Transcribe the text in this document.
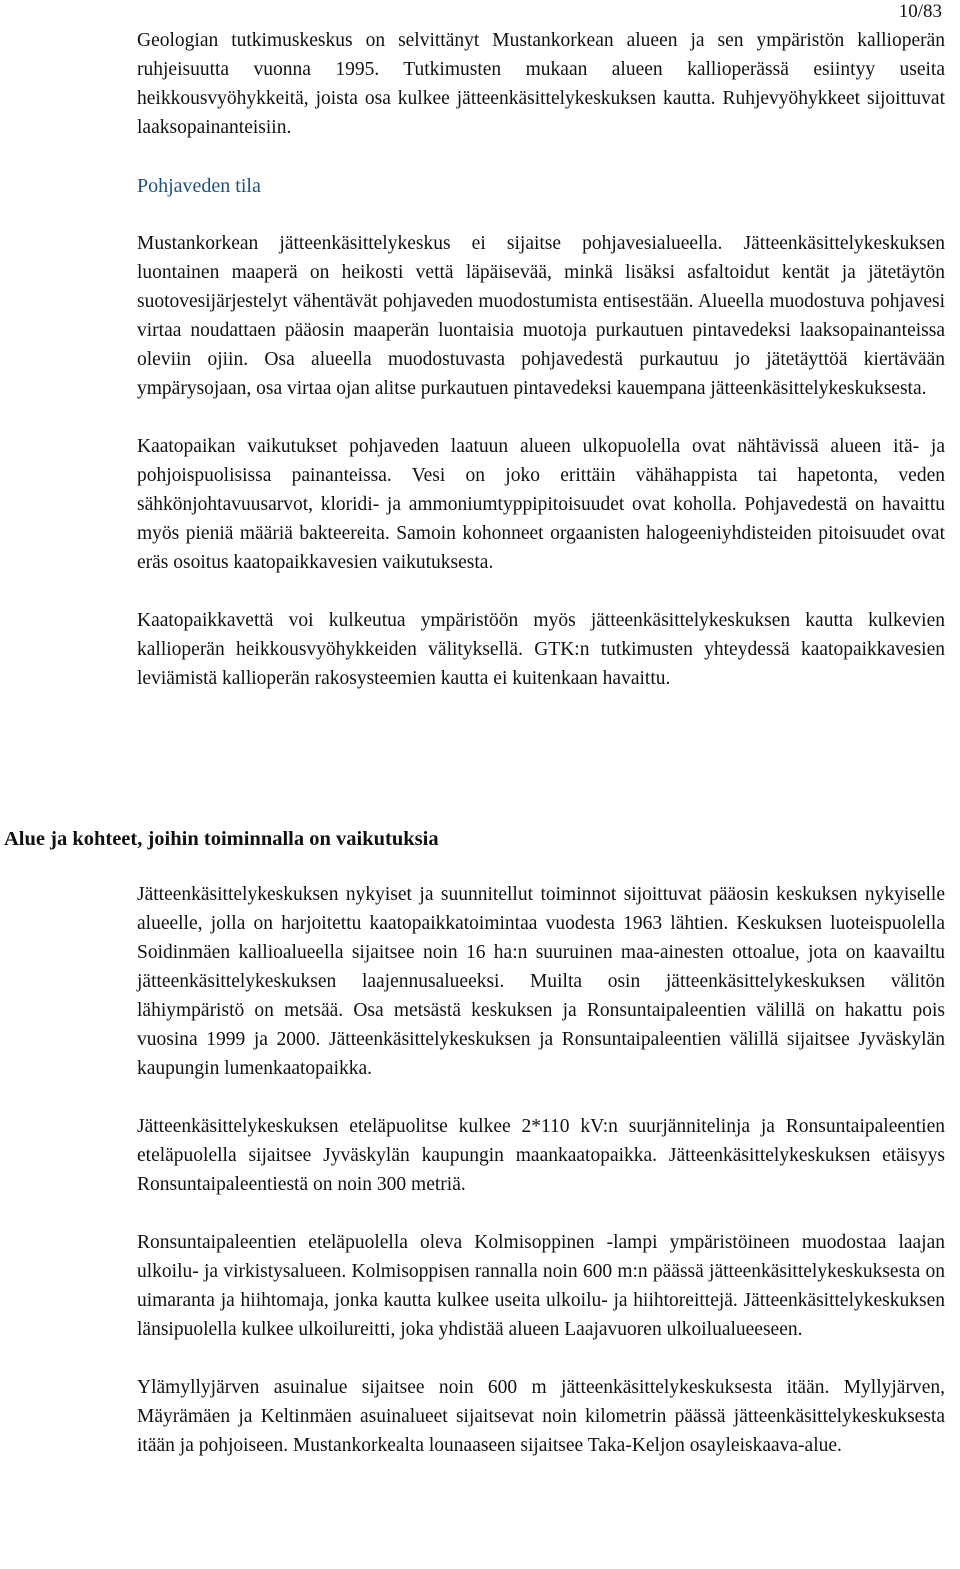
10/83

Geologian tutkimuskeskus on selvittänyt Mustankorkean alueen ja sen ympäristön kallioperän ruhjeisuutta vuonna 1995. Tutkimusten mukaan alueen kallioperässä esiintyy useita heikkousvyöhykkeitä, joista osa kulkee jätteenkäsittelykeskuksen kautta. Ruhjevyöhykkeet sijoittuvat laaksopainanteisiin.

Pohjaveden tila

Mustankorkean jätteenkäsittelykeskus ei sijaitse pohjavesialueella. Jätteenkäsittelykeskuksen luontainen maaperä on heikosti vettä läpäisevää, minkä lisäksi asfaltoidut kentät ja jätetäytön suotovesijärjestelyt vähentävät pohjaveden muodostumista entisestään. Alueella muodostuva pohjavesi virtaa noudattaen pääosin maaperän luontaisia muotoja purkautuen pintavedeksi laaksopainanteissa oleviin ojiin. Osa alueella muodostuvasta pohjavedestä purkautuu jo jätetäyttöä kiertävään ympärysojaan, osa virtaa ojan alitse purkautuen pintavedeksi kauempana jätteenkäsittelykeskuksesta.

Kaatopaikan vaikutukset pohjaveden laatuun alueen ulkopuolella ovat nähtävissä alueen itä- ja pohjoispuolisissa painanteissa. Vesi on joko erittäin vähähappista tai hapetonta, veden sähkönjohtavuusarvot, kloridi- ja ammoniumtyppipitoisuudet ovat koholla. Pohjavedestä on havaittu myös pieniä määriä bakteereita. Samoin kohonneet orgaanisten halogeeniyhdisteiden pitoisuudet ovat eräs osoitus kaatopaikkavesien vaikutuksesta.

Kaatopaikkavettä voi kulkeutua ympäristöön myös jätteenkäsittelykeskuksen kautta kulkevien kallioperän heikkousvyöhykkeiden välityksellä. GTK:n tutkimusten yhteydessä kaatopaikkavesien leviämistä kallioperän rakosysteemien kautta ei kuitenkaan havaittu.

Alue ja kohteet, joihin toiminnalla on vaikutuksia

Jätteenkäsittelykeskuksen nykyiset ja suunnitellut toiminnot sijoittuvat pääosin keskuksen nykyiselle alueelle, jolla on harjoitettu kaatopaikkatoimintaa vuodesta 1963 lähtien. Keskuksen luoteispuolella Soidinmäen kallioalueella sijaitsee noin 16 ha:n suuruinen maa-ainesten ottoalue, jota on kaavailtu jätteenkäsittelykeskuksen laajennusalueeksi. Muilta osin jätteenkäsittelykeskuksen välitön lähiympäristö on metsää. Osa metsästä keskuksen ja Ronsuntaipaleentien välillä on hakattu pois vuosina 1999 ja 2000. Jätteenkäsittelykeskuksen ja Ronsuntaipaleentien välillä sijaitsee Jyväskylän kaupungin lumenkaatopaikka.

Jätteenkäsittelykeskuksen eteläpuolitse kulkee 2*110 kV:n suurjännitelinja ja Ronsuntaipaleentien eteläpuolella sijaitsee Jyväskylän kaupungin maankaatopaikka. Jätteenkäsittelykeskuksen etäisyys Ronsuntaipaleentiestä on noin 300 metriä.

Ronsuntaipaleentien eteläpuolella oleva Kolmisoppinen -lampi ympäristöineen muodostaa laajan ulkoilu- ja virkistysalueen. Kolmisoppisen rannalla noin 600 m:n päässä jätteenkäsittelykeskuksesta on uimaranta ja hiihtomaja, jonka kautta kulkee useita ulkoilu- ja hiihtoreittejä. Jätteenkäsittelykeskuksen länsipuolella kulkee ulkoilureitti, joka yhdistää alueen Laajavuoren ulkoilualueeseen.

Ylämyllyjärven asuinalue sijaitsee noin 600 m jätteenkäsittelykeskuksesta itään. Myllyjärven, Mäyrämäen ja Keltinmäen asuinalueet sijaitsevat noin kilometrin päässä jätteenkäsittelykeskuksesta itään ja pohjoiseen. Mustankorkealta lounaaseen sijaitsee Taka-Keljon osayleiskaava-alue.
